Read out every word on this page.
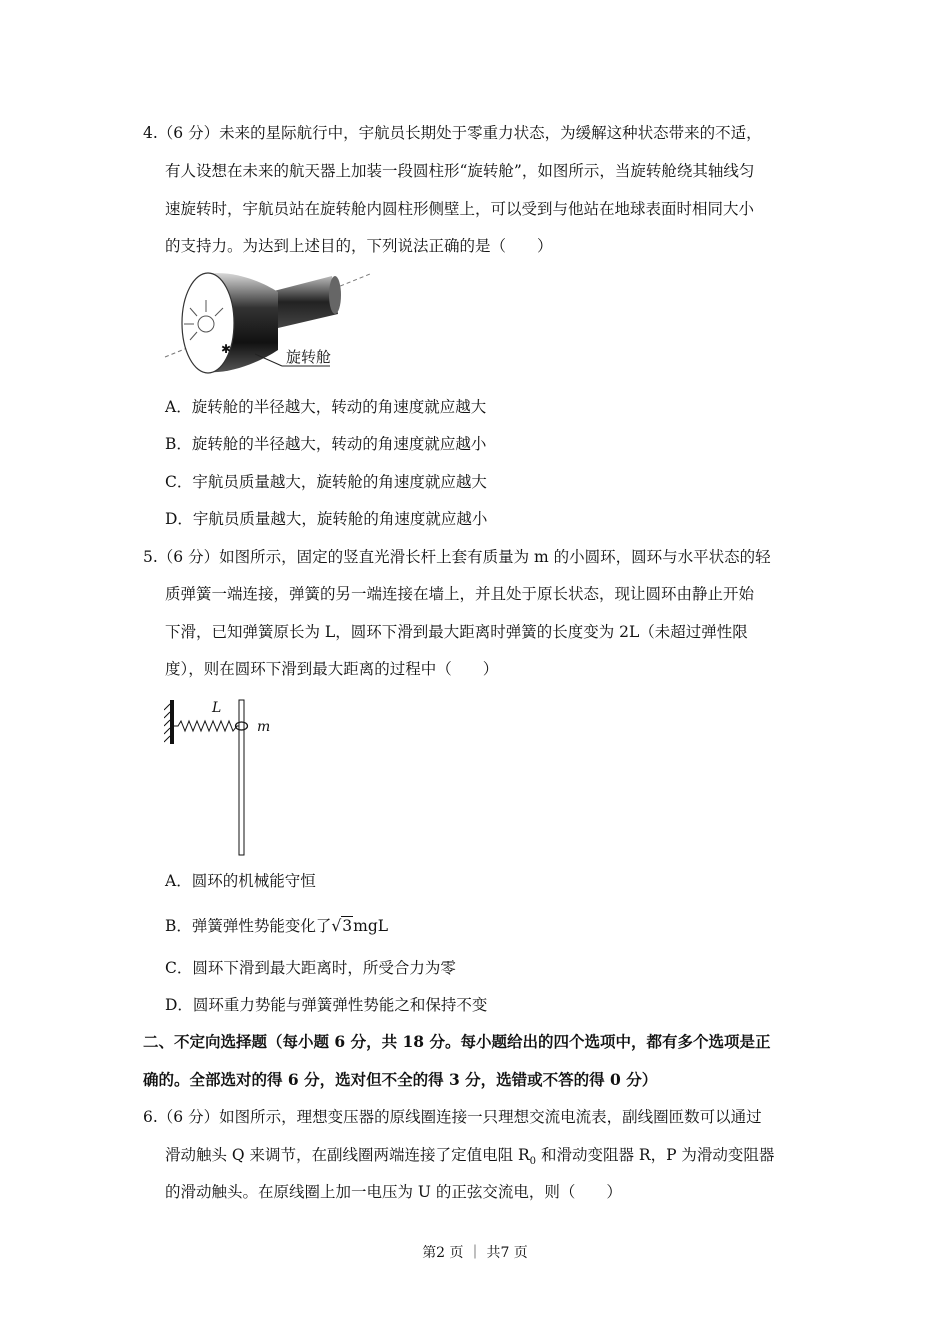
4.（6 分）未来的星际航行中，宇航员长期处于零重力状态，为缓解这种状态带来的不适，
有人设想在未来的航天器上加装一段圆柱形“旋转舱”，如图所示，当旋转舱绕其轴线匀
速旋转时，宇航员站在旋转舱内圆柱形侧壁上，可以受到与他站在地球表面时相同大小
的支持力。为达到上述目的，下列说法正确的是（　　）
✱	旋转舱
A．旋转舱的半径越大，转动的角速度就应越大
B．旋转舱的半径越大，转动的角速度就应越小
C．宇航员质量越大，旋转舱的角速度就应越大
D．宇航员质量越大，旋转舱的角速度就应越小
5.（6 分）如图所示，固定的竖直光滑长杆上套有质量为 m 的小圆环，圆环与水平状态的轻
质弹簧一端连接，弹簧的另一端连接在墙上，并且处于原长状态，现让圆环由静止开始
下滑，已知弹簧原长为 L，圆环下滑到最大距离时弹簧的长度变为 2L（未超过弹性限
度），则在圆环下滑到最大距离的过程中（　　）
L
m
A．圆环的机械能守恒
B．弹簧弹性势能变化了√3mgL
C．圆环下滑到最大距离时，所受合力为零
D．圆环重力势能与弹簧弹性势能之和保持不变
二、不定向选择题（每小题 6 分，共 18 分。每小题给出的四个选项中，都有多个选项是正
确的。全部选对的得 6 分，选对但不全的得 3 分，选错或不答的得 0 分）
6.（6 分）如图所示，理想变压器的原线圈连接一只理想交流电流表，副线圈匝数可以通过
滑动触头 Q 来调节，在副线圈两端连接了定值电阻 $R_0$ 和滑动变阻器 R，P 为滑动变阻器
的滑动触头。在原线圈上加一电压为 U 的正弦交流电，则（　　）
第2 页 ｜ 共7 页
